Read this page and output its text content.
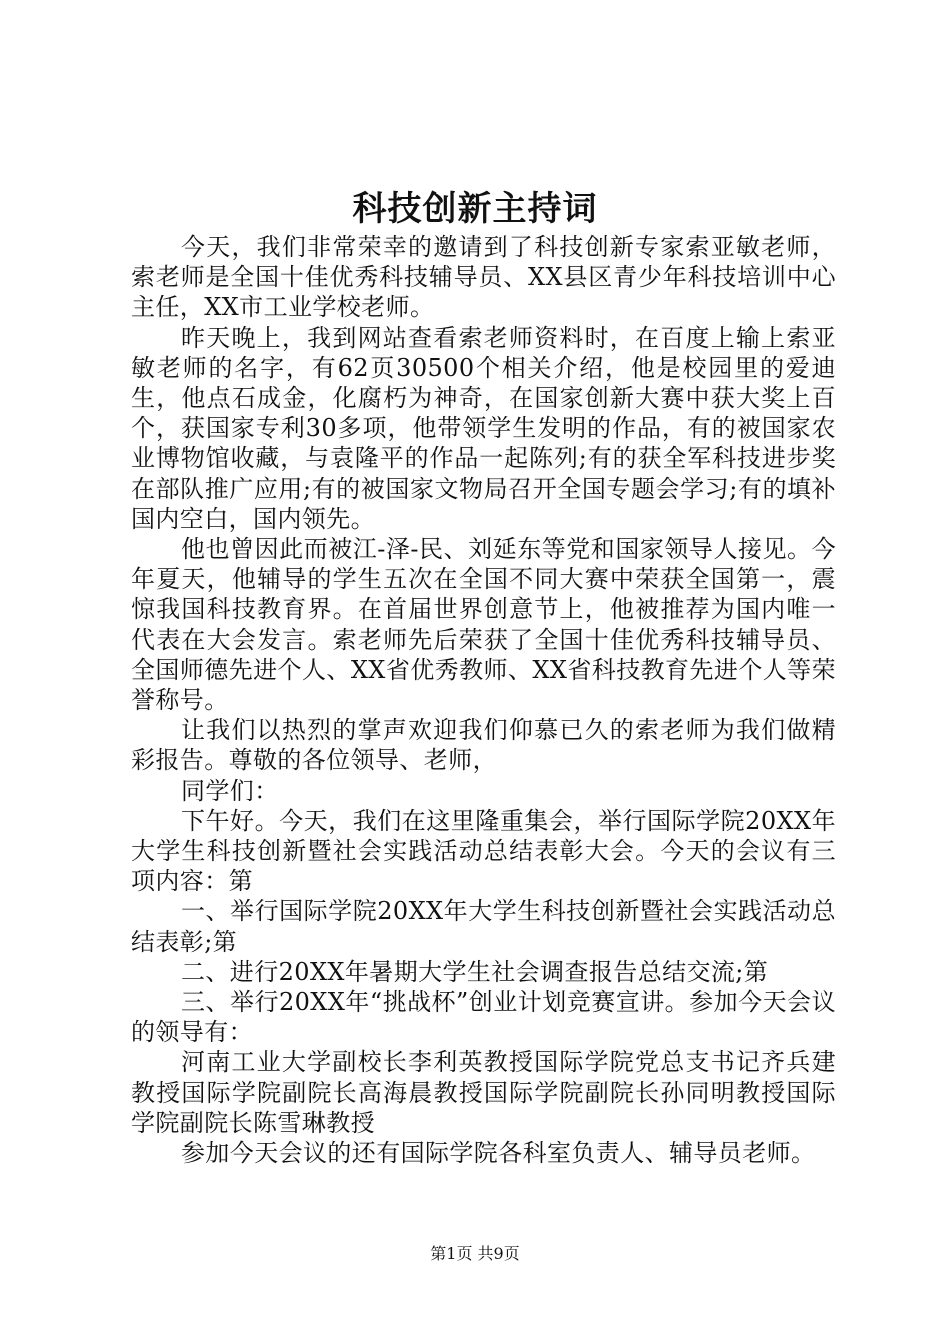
科技创新主持词

今天，我们非常荣幸的邀请到了科技创新专家索亚敏老师，索老师是全国十佳优秀科技辅导员、XX县区青少年科技培训中心主任，XX市工业学校老师。

昨天晚上，我到网站查看索老师资料时，在百度上输上索亚敏老师的名字，有62页30500个相关介绍，他是校园里的爱迪生，他点石成金，化腐朽为神奇，在国家创新大赛中获大奖上百个，获国家专利30多项，他带领学生发明的作品，有的被国家农业博物馆收藏，与袁隆平的作品一起陈列;有的获全军科技进步奖在部队推广应用;有的被国家文物局召开全国专题会学习;有的填补国内空白，国内领先。

他也曾因此而被江-泽-民、刘延东等党和国家领导人接见。今年夏天，他辅导的学生五次在全国不同大赛中荣获全国第一，震惊我国科技教育界。在首届世界创意节上，他被推荐为国内唯一代表在大会发言。索老师先后荣获了全国十佳优秀科技辅导员、全国师德先进个人、XX省优秀教师、XX省科技教育先进个人等荣誉称号。

让我们以热烈的掌声欢迎我们仰慕已久的索老师为我们做精彩报告。尊敬的各位领导、老师，

同学们：

下午好。今天，我们在这里隆重集会，举行国际学院20XX年大学生科技创新暨社会实践活动总结表彰大会。今天的会议有三项内容：第

一、举行国际学院20XX年大学生科技创新暨社会实践活动总结表彰;第

二、进行20XX年暑期大学生社会调查报告总结交流;第

三、举行20XX年“挑战杯”创业计划竞赛宣讲。参加今天会议的领导有：

河南工业大学副校长李利英教授国际学院党总支书记齐兵建教授国际学院副院长高海晨教授国际学院副院长孙同明教授国际学院副院长陈雪琳教授

参加今天会议的还有国际学院各科室负责人、辅导员老师。

第1页 共9页
